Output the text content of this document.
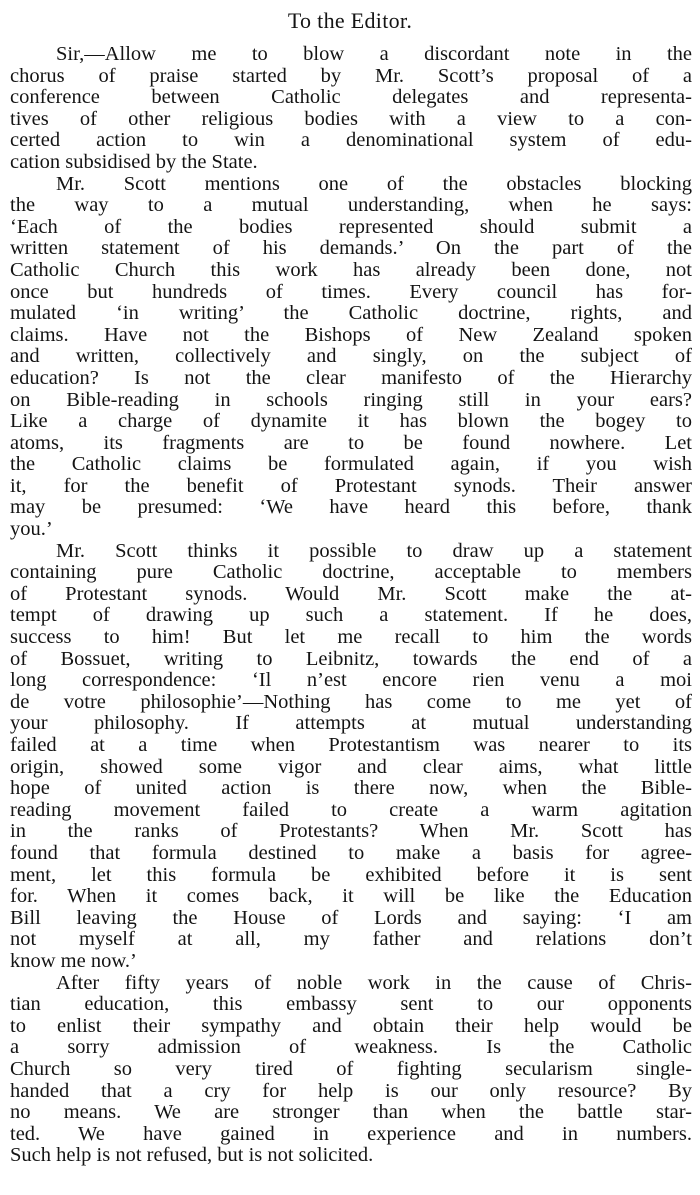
To the Editor.
Sir,—Allow me to blow a discordant note in the
chorus of praise started by Mr. Scott’s proposal of a
conference between Catholic delegates and representa-
tives of other religious bodies with a view to a con-
certed action to win a denominational system of edu-
cation subsidised by the State.
Mr. Scott mentions one of the obstacles blocking
the way to a mutual understanding, when he says:
‘Each of the bodies represented should submit a
written statement of his demands.’ On the part of the
Catholic Church this work has already been done, not
once but hundreds of times. Every council has for-
mulated ‘in writing’ the Catholic doctrine, rights, and
claims. Have not the Bishops of New Zealand spoken
and written, collectively and singly, on the subject of
education? Is not the clear manifesto of the Hierarchy
on Bible-reading in schools ringing still in your ears?
Like a charge of dynamite it has blown the bogey to
atoms, its fragments are to be found nowhere. Let
the Catholic claims be formulated again, if you wish
it, for the benefit of Protestant synods. Their answer
may be presumed: ‘We have heard this before, thank
you.’
Mr. Scott thinks it possible to draw up a statement
containing pure Catholic doctrine, acceptable to members
of Protestant synods. Would Mr. Scott make the at-
tempt of drawing up such a statement. If he does,
success to him! But let me recall to him the words
of Bossuet, writing to Leibnitz, towards the end of a
long correspondence: ‘Il n’est encore rien venu a moi
de votre philosophie’—Nothing has come to me yet of
your philosophy. If attempts at mutual understanding
failed at a time when Protestantism was nearer to its
origin, showed some vigor and clear aims, what little
hope of united action is there now, when the Bible-
reading movement failed to create a warm agitation
in the ranks of Protestants? When Mr. Scott has
found that formula destined to make a basis for agree-
ment, let this formula be exhibited before it is sent
for. When it comes back, it will be like the Education
Bill leaving the House of Lords and saying: ‘I am
not myself at all, my father and relations don’t
know me now.’
After fifty years of noble work in the cause of Chris-
tian education, this embassy sent to our opponents
to enlist their sympathy and obtain their help would be
a sorry admission of weakness. Is the Catholic
Church so very tired of fighting secularism single-
handed that a cry for help is our only resource? By
no means. We are stronger than when the battle star-
ted. We have gained in experience and in numbers.
Such help is not refused, but is not solicited.
